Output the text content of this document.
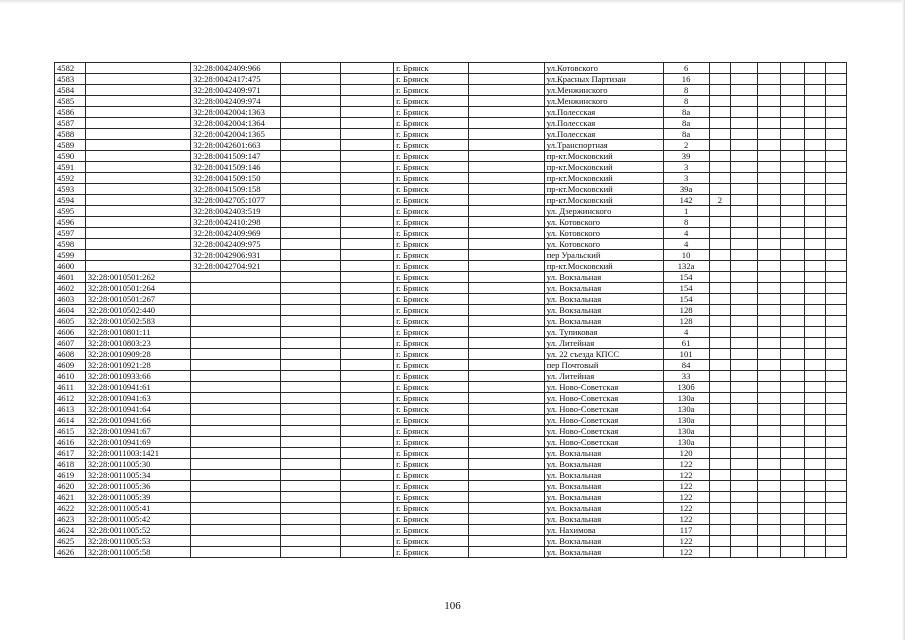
4582		32:28:0042409:966			г. Брянск		ул.Котовского	6						
4583		32:28:0042417:475			г. Брянск		ул.Красных Партизан	16						
4584		32:28:0042409:971			г. Брянск		ул.Менжинского	8						
4585		32:28:0042409:974			г. Брянск		ул.Менжинского	8						
4586		32:28:0042004:1363			г. Брянск		ул.Полесская	8а						
4587		32:28:0042004:1364			г. Брянск		ул.Полесская	8а						
4588		32:28:0042004:1365			г. Брянск		ул.Полесская	8а						
4589		32:28:0042601:663			г. Брянск		ул.Транспортная	2						
4590		32:28:0041509:147			г. Брянск		пр-кт.Московский	39						
4591		32:28:0041509:146			г. Брянск		пр-кт.Московский	3						
4592		32:28:0041509:150			г. Брянск		пр-кт.Московский	3						
4593		32:28:0041509:158			г. Брянск		пр-кт.Московский	39а						
4594		32:28:0042705:1077			г. Брянск		пр-кт.Московский	142	2					
4595		32:28:0042403:519			г. Брянск		ул. Дзержинского	1						
4596		32:28:0042410:298			г. Брянск		ул. Котовского	8						
4597		32:28:0042409:969			г. Брянск		ул. Котовского	4						
4598		32:28:0042409:975			г. Брянск		ул. Котовского	4						
4599		32:28:0042906:931			г. Брянск		пер Уральский	10						
4600		32:28:0042704:921			г. Брянск		пр-кт.Московский	132а						
4601	32:28:0010501:262				г. Брянск		ул. Вокзальная	154						
4602	32:28:0010501:264				г. Брянск		ул. Вокзальная	154						
4603	32:28:0010501:267				г. Брянск		ул. Вокзальная	154						
4604	32:28:0010502:440				г. Брянск		ул. Вокзальная	128						
4605	32:28:0010502:583				г. Брянск		ул. Вокзальная	128						
4606	32:28:0010801:11				г. Брянск		ул. Тупиковая	4						
4607	32:28:0010803:23				г. Брянск		ул. Литейная	61						
4608	32:28:0010909:28				г. Брянск		ул. 22 съезда КПСС	101						
4609	32:28:0010921:28				г. Брянск		пер Почтовый	84						
4610	32:28:0010933:66				г. Брянск		ул. Литейная	33						
4611	32:28:0010941:61				г. Брянск		ул. Ново-Советская	130б						
4612	32:28:0010941:63				г. Брянск		ул. Ново-Советская	130а						
4613	32:28:0010941:64				г. Брянск		ул. Ново-Советская	130а						
4614	32:28:0010941:66				г. Брянск		ул. Ново-Советская	130а						
4615	32:28:0010941:67				г. Брянск		ул. Ново-Советская	130а						
4616	32:28:0010941:69				г. Брянск		ул. Ново-Советская	130а						
4617	32:28:0011003:1421				г. Брянск		ул. Вокзальная	120						
4618	32:28:0011005:30				г. Брянск		ул. Вокзальная	122						
4619	32:28:0011005:34				г. Брянск		ул. Вокзальная	122						
4620	32:28:0011005:36				г. Брянск		ул. Вокзальная	122						
4621	32:28:0011005:39				г. Брянск		ул. Вокзальная	122						
4622	32:28:0011005:41				г. Брянск		ул. Вокзальная	122						
4623	32:28:0011005:42				г. Брянск		ул. Вокзальная	122						
4624	32:28:0011005:52				г. Брянск		ул. Нахимова	117						
4625	32:28:0011005:53				г. Брянск		ул. Вокзальная	122						
4626	32:28:0011005:58				г. Брянск		ул. Вокзальная	122						
106
